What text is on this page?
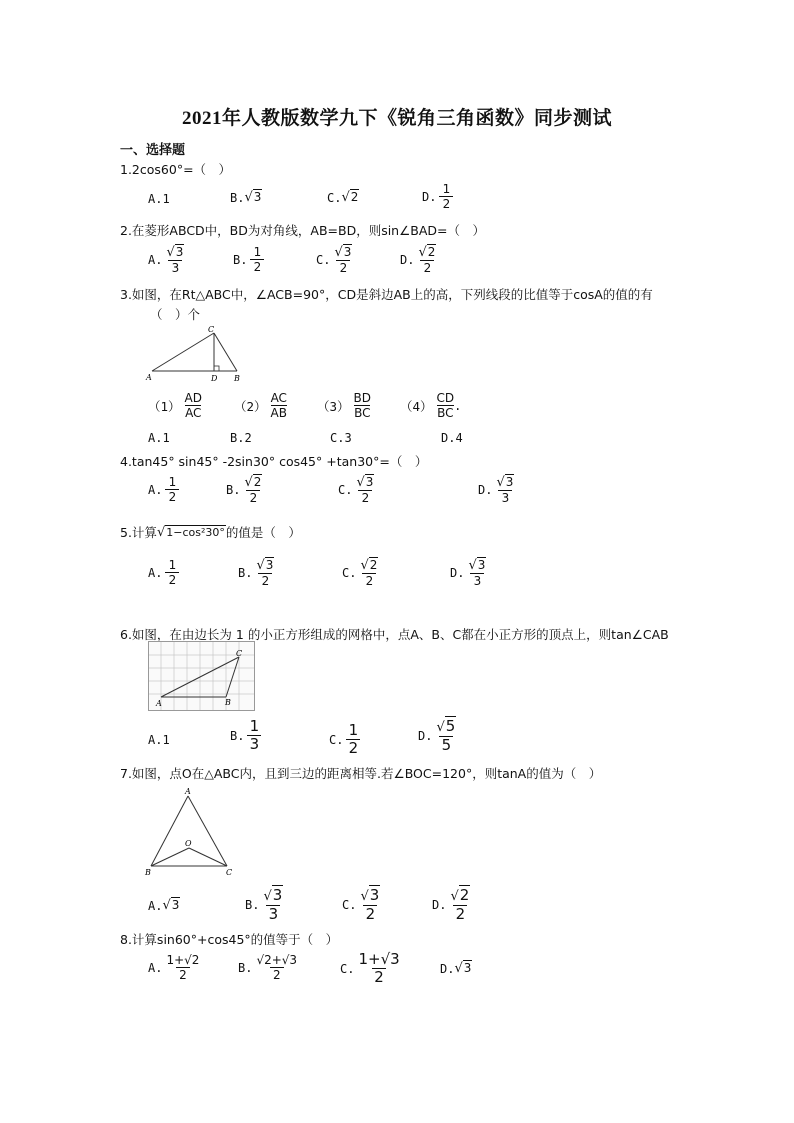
2021年人教版数学九下《锐角三角函数》同步测试
一、选择题
1.2cos60°=（　）
A.1	B. √3	C. √2	D. $\frac{1}{2}$
2.在菱形ABCD中，BD为对角线，AB=BD，则sin∠BAD=（　）
A. $\frac{√3}{3}$	B. $\frac{1}{2}$	C. $\frac{√3}{2}$	D. $\frac{√2}{2}$
3.如图，在Rt△ABC中，∠ACB=90°，CD是斜边AB上的高，下列线段的比值等于cosA的值的有
（　）个
C
A	D B
（1）
AD
AC	（2）
AC
AB （3）
BD
BC （4）
CD
BC
.
A.1	B.2	C.3	D.4
4.tan45° sin45° -2sin30° cos45° +tan30°=（　）
A. $\frac{1}{2}$	B. $\frac{√2}{2}$	C. $\frac{√3}{2}$	D. $\frac{√3}{3}$
5.计算 √1−cos²30° 的值是（　）
A. $\frac{1}{2}$	B. $\frac{√3}{2}$	C. $\frac{√2}{2}$	D. $\frac{√3}{3}$
6.如图，在由边长为 1 的小正方形组成的网格中，点A、B、C都在小正方形的顶点上，则tan∠CAB
A	B
C
A.1	B. $\frac{1}{3}$	C. $\frac{1}{2}$	D. $\frac{√5}{5}$
7.如图，点O在△ABC内，且到三边的距离相等.若∠BOC=120°，则tanA的值为（　）
A
O
B	C
A. √3	B. $\frac{√3}{3}$	C. $\frac{√3}{2}$	D. $\frac{√2}{2}$
8.计算sin60°+cos45°的值等于（　）
A. $\frac{1+√2}{2}$	B. $\frac{√2+√3}{2}$	C. $\frac{1+√3}{2}$	D. √3
